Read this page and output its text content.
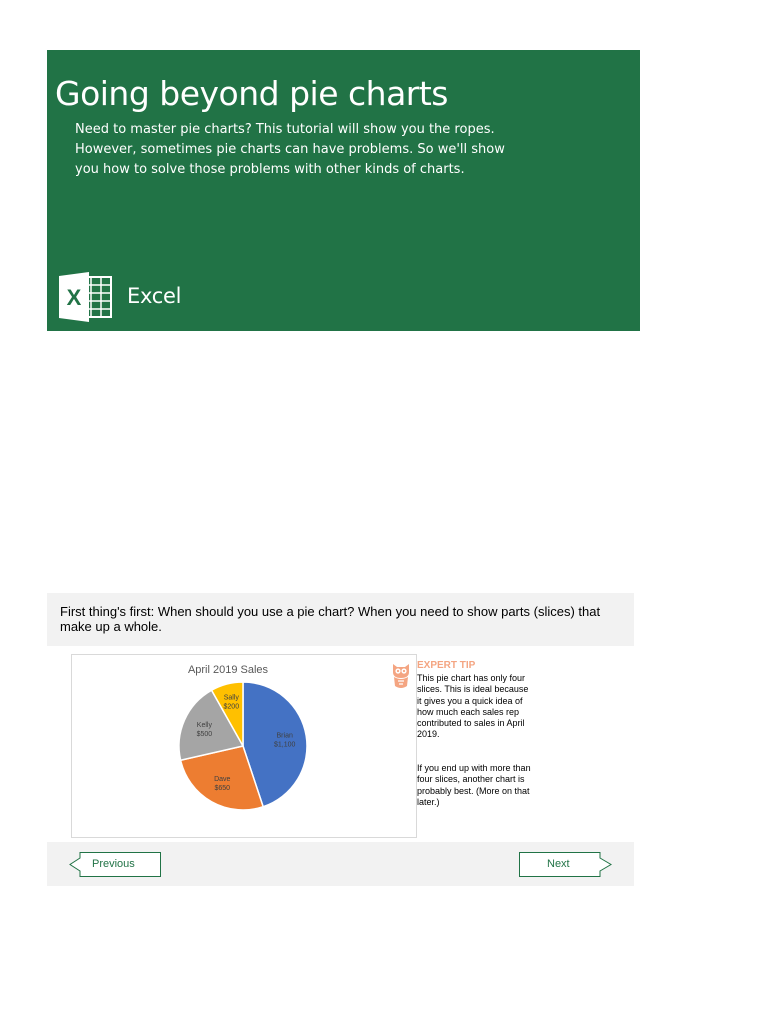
Going beyond pie charts

Need to master pie charts? This tutorial will show you the ropes. However, sometimes pie charts can have problems. So we'll show you how to solve those problems with other kinds of charts.

X Excel

First thing's first: When should you use a pie chart? When you need to show parts (slices) that make up a whole.

April 2019 Sales
Brian $1,100
Dave $650
Kelly $500
Sally $200
EXPERT TIP

This pie chart has only four slices. This is ideal because it gives you a quick idea of how much each sales rep contributed to sales in April 2019.

If you end up with more than four slices, another chart is probably best. (More on that later.)

Previous	Next
